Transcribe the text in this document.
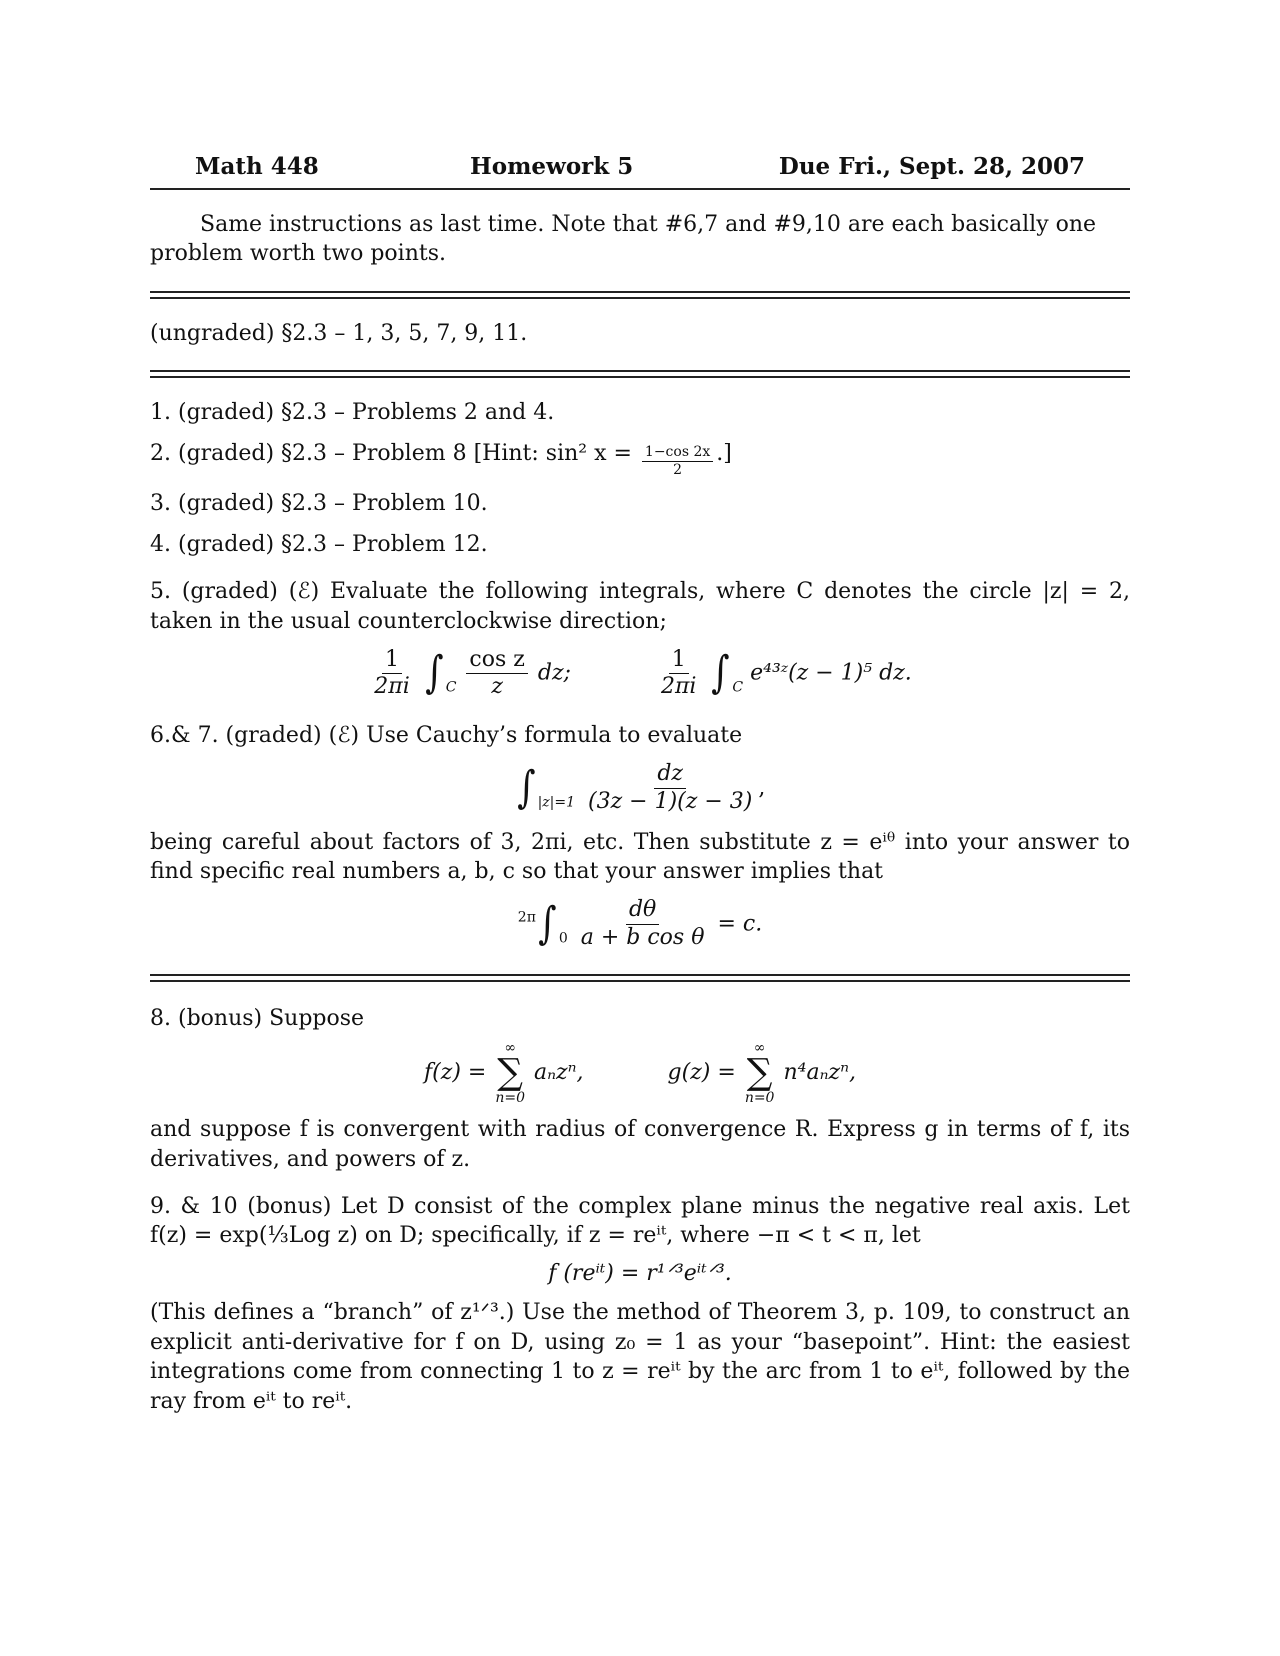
Math 448	Homework 5	Due Fri., Sept. 28, 2007

Same instructions as last time. Note that #6,7 and #9,10 are each basically one problem worth two points.

(ungraded) §2.3 – 1, 3, 5, 7, 9, 11.

1. (graded) §2.3 – Problems 2 and 4.
2. (graded) §2.3 – Problem 8 [Hint: sin² $x = \frac{1-\cos 2x}{2}$ .]
3. (graded) §2.3 – Problem 10.
4. (graded) §2.3 – Problem 12.

5. (graded) (ℰ) Evaluate the following integrals, where C denotes the circle |z| = 2, taken in the usual counterclockwise direction;

$\frac{1}{2\pi i}$ ∫ $_C \frac{\text{cos z}}{z}$ dz;	$\frac{1}{2\pi i}$ ∫ $_C$ e⁴³ᶻ(z − 1)⁵ dz.

6.& 7. (graded) (ℰ) Use Cauchy’s formula to evaluate

∫ $_{|z|=1} \frac{dz}{(3z - 1)(z - 3)}$ ,

being careful about factors of 3, 2πi, etc. Then substitute z = eⁱᶿ into your answer to find specific real numbers a, b, c so that your answer implies that

$^{2\pi}$∫ $_0 \frac{d\theta}{\text{a + b cos θ}} = c$.

8. (bonus) Suppose

f(z) =
∞
∑
n=0
aₙzⁿ,	g(z) =
∞
∑
n=0
n⁴aₙzⁿ,

and suppose f is convergent with radius of convergence R. Express g in terms of f, its derivatives, and powers of z.

9. & 10 (bonus) Let D consist of the complex plane minus the negative real axis. Let f(z) = exp(⅓Log z) on D; specifically, if z = reⁱᵗ, where −π < t < π, let

f (reⁱᵗ) = r¹ᐟ³eⁱᵗᐟ³.

(This defines a “branch” of z¹ᐟ³.) Use the method of Theorem 3, p. 109, to construct an explicit anti-derivative for f on D, using z₀ = 1 as your “basepoint”. Hint: the easiest integrations come from connecting 1 to z = reⁱᵗ by the arc from 1 to eⁱᵗ, followed by the ray from eⁱᵗ to reⁱᵗ.
